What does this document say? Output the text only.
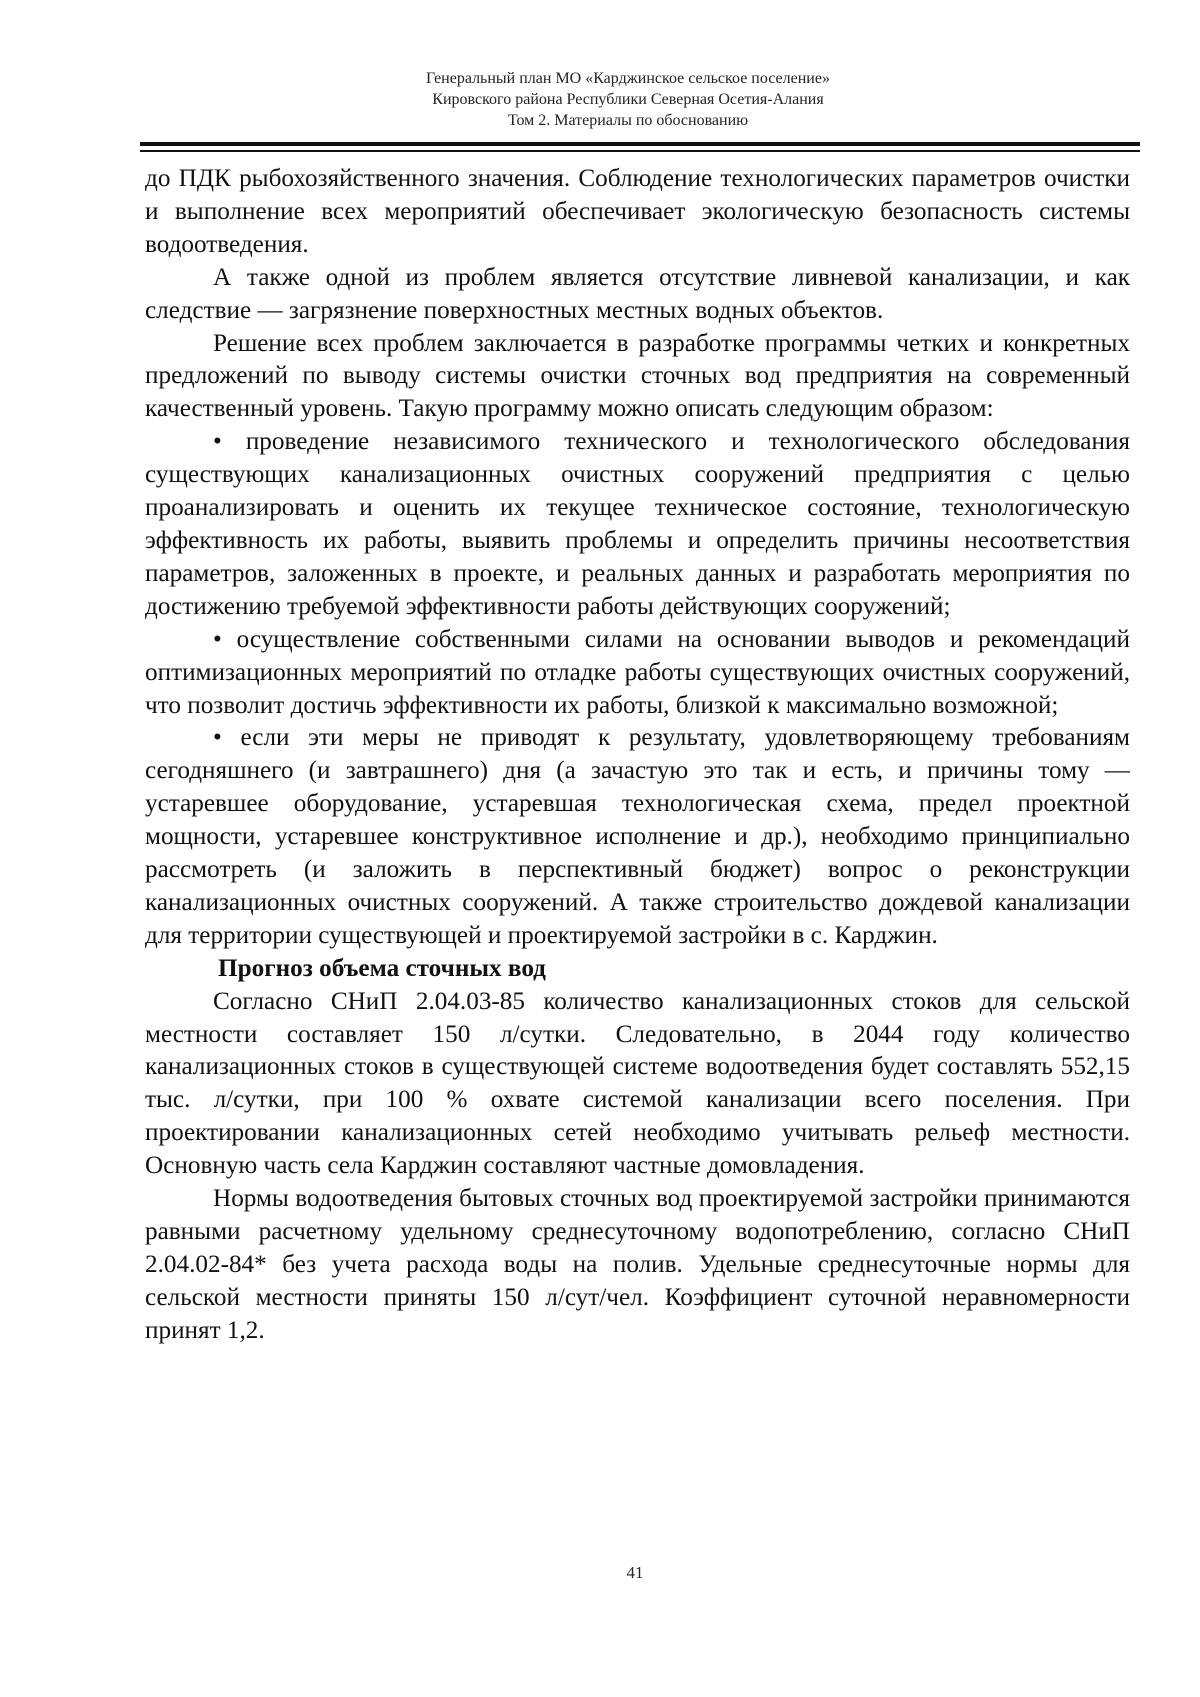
Генеральный план МО «Карджинское сельское поселение»
Кировского района Республики Северная Осетия-Алания
Том 2. Материалы по обоснованию

до ПДК рыбохозяйственного значения. Соблюдение технологических параметров очистки и выполнение всех мероприятий обеспечивает экологическую безопасность системы водоотведения.

А также одной из проблем является отсутствие ливневой канализации, и как следствие — загрязнение поверхностных местных водных объектов.

Решение всех проблем заключается в разработке программы четких и конкретных предложений по выводу системы очистки сточных вод предприятия на современный качественный уровень. Такую программу можно описать следующим образом:

• проведение независимого технического и технологического обследования существующих канализационных очистных сооружений предприятия с целью проанализировать и оценить их текущее техническое состояние, технологическую эффективность их работы, выявить проблемы и определить причины несоответствия параметров, заложенных в проекте, и реальных данных и разработать мероприятия по достижению требуемой эффективности работы действующих сооружений;

• осуществление собственными силами на основании выводов и рекомендаций оптимизационных мероприятий по отладке работы существующих очистных сооружений, что позволит достичь эффективности их работы, близкой к максимально возможной;

• если эти меры не приводят к результату, удовлетворяющему требованиям сегодняшнего (и завтрашнего) дня (а зачастую это так и есть, и причины тому — устаревшее оборудование, устаревшая технологическая схема, предел проектной мощности, устаревшее конструктивное исполнение и др.), необходимо принципиально рассмотреть (и заложить в перспективный бюджет) вопрос о реконструкции канализационных очистных сооружений. А также строительство дождевой канализации для территории существующей и проектируемой застройки в с. Карджин.

Прогноз объема сточных вод

Согласно СНиП 2.04.03-85 количество канализационных стоков для сельской местности составляет 150 л/сутки. Следовательно, в 2044 году количество канализационных стоков в существующей системе водоотведения будет составлять 552,15 тыс. л/сутки, при 100 % охвате системой канализации всего поселения. При проектировании канализационных сетей необходимо учитывать рельеф местности. Основную часть села Карджин составляют частные домовладения.

Нормы водоотведения бытовых сточных вод проектируемой застройки принимаются равными расчетному удельному среднесуточному водопотреблению, согласно СНиП 2.04.02-84* без учета расхода воды на полив. Удельные среднесуточные нормы для сельской местности приняты 150 л/сут/чел. Коэффициент суточной неравномерности принят 1,2.

41
